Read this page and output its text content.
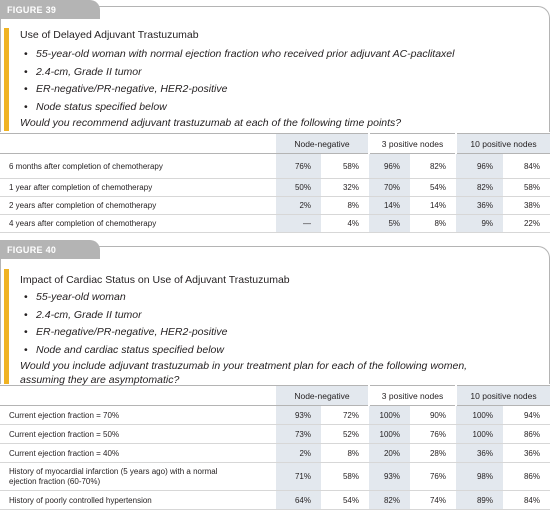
FIGURE 39
Use of Delayed Adjuvant Trastuzumab
• 55-year-old woman with normal ejection fraction who received prior adjuvant AC-paclitaxel
• 2.4-cm, Grade II tumor
• ER-negative/PR-negative, HER2-positive
• Node status specified below
Would you recommend adjuvant trastuzumab at each of the following time points?
	Node-negative		3 positive nodes		10 positive nodes	
6 months after completion of chemotherapy	76%	58%	96%	82%	96%	84%
1 year after completion of chemotherapy	50%	32%	70%	54%	82%	58%
2 years after completion of chemotherapy	2%	8%	14%	14%	36%	38%
4 years after completion of chemotherapy	—	4%	5%	8%	9%	22%
FIGURE 40
Impact of Cardiac Status on Use of Adjuvant Trastuzumab
• 55-year-old woman
• 2.4-cm, Grade II tumor
• ER-negative/PR-negative, HER2-positive
• Node and cardiac status specified below
Would you include adjuvant trastuzumab in your treatment plan for each of the following women,
assuming they are asymptomatic?
	Node-negative		3 positive nodes		10 positive nodes	
Current ejection fraction = 70%	93%	72%	100%	90%	100%	94%
Current ejection fraction = 50%	73%	52%	100%	76%	100%	86%
Current ejection fraction = 40%	2%	8%	20%	28%	36%	36%

History of myocardial infarction (5 years ago) with a normal
ejection fraction (60-70%)	71%	58%	93%	76%	98%	86%
History of poorly controlled hypertension	64%	54%	82%	74%	89%	84%
